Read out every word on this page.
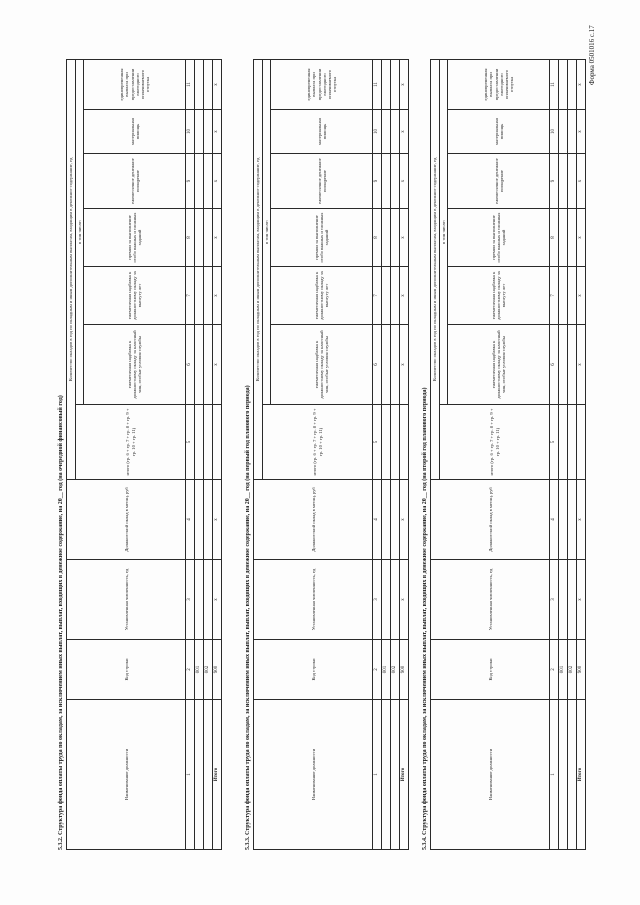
Форма 0501016 с.17
5.3.2. Структура фонда оплаты труда по окладам, за исключением иных выплат, выплат, входящих в денежное содержание, на 20__ год (на очередной финансовый год)	Наименование должности	Код строки	Установленная численность, ед	Должностной оклад в месяц, руб	Количество окладов в год по окладным и иным дополнительным выплатам, входящим в денежное содержание, ед						
				итого (гр. 6 + гр. 7 + гр. 8 + гр. 9 + гр. 10 + гр. 11)	в том числе:					
					ежемесячная надбавка к должностному окладу за классный чин, особые условия службы	ежемесячная надбавка к должностному окладу за выслугу лет	премии за выполнение особо важных и сложных заданий	ежемесячное денежное поощрение	материальная помощь	единовременная выплата при предоставлении ежегодного оплачиваемого отпуска
1	2	3	4	5	6	7	8	9	10	11
	001									
	002									
Итого	900	x	x		x	x	x	x	x	x
5.3.3. Структура фонда оплаты труда по окладам, за исключением иных выплат, выплат, входящих в денежное содержание, на 20__ год (на первый год планового периода)	Наименование должности	Код строки	Установленная численность, ед	Должностной оклад в месяц, руб	Количество окладов в год по окладным и иным дополнительным выплатам, входящим в денежное содержание, ед						
				итого (гр. 6 + гр. 7 + гр. 8 + гр. 9 + гр. 10 + гр. 11)	в том числе:					
					ежемесячная надбавка к должностному окладу за классный чин, особые условия службы	ежемесячная надбавка к должностному окладу за выслугу лет	премии за выполнение особо важных и сложных заданий	ежемесячное денежное поощрение	материальная помощь	единовременная выплата при предоставлении ежегодного оплачиваемого отпуска
1	2	3	4	5	6	7	8	9	10	11
	001									
	002									
Итого	900	x	x		x	x	x	x	x	x
5.3.4. Структура фонда оплаты труда по окладам, за исключением иных выплат, выплат, входящих в денежное содержание, на 20__ год (на второй год планового периода)	Наименование должности	Код строки	Установленная численность, ед	Должностной оклад в месяц, руб	Количество окладов в год по окладным и иным дополнительным выплатам, входящим в денежное содержание, ед						
				итого (гр. 6 + гр. 7 + гр. 8 + гр. 9 + гр. 10 + гр. 11)	в том числе:					
					ежемесячная надбавка к должностному окладу за классный чин, особые условия службы	ежемесячная надбавка к должностному окладу за выслугу лет	премии за выполнение особо важных и сложных заданий	ежемесячное денежное поощрение	материальная помощь	единовременная выплата при предоставлении ежегодного оплачиваемого отпуска
1	2	3	4	5	6	7	8	9	10	11
	001									
	002									
Итого	900	x	x		x	x	x	x	x	x
